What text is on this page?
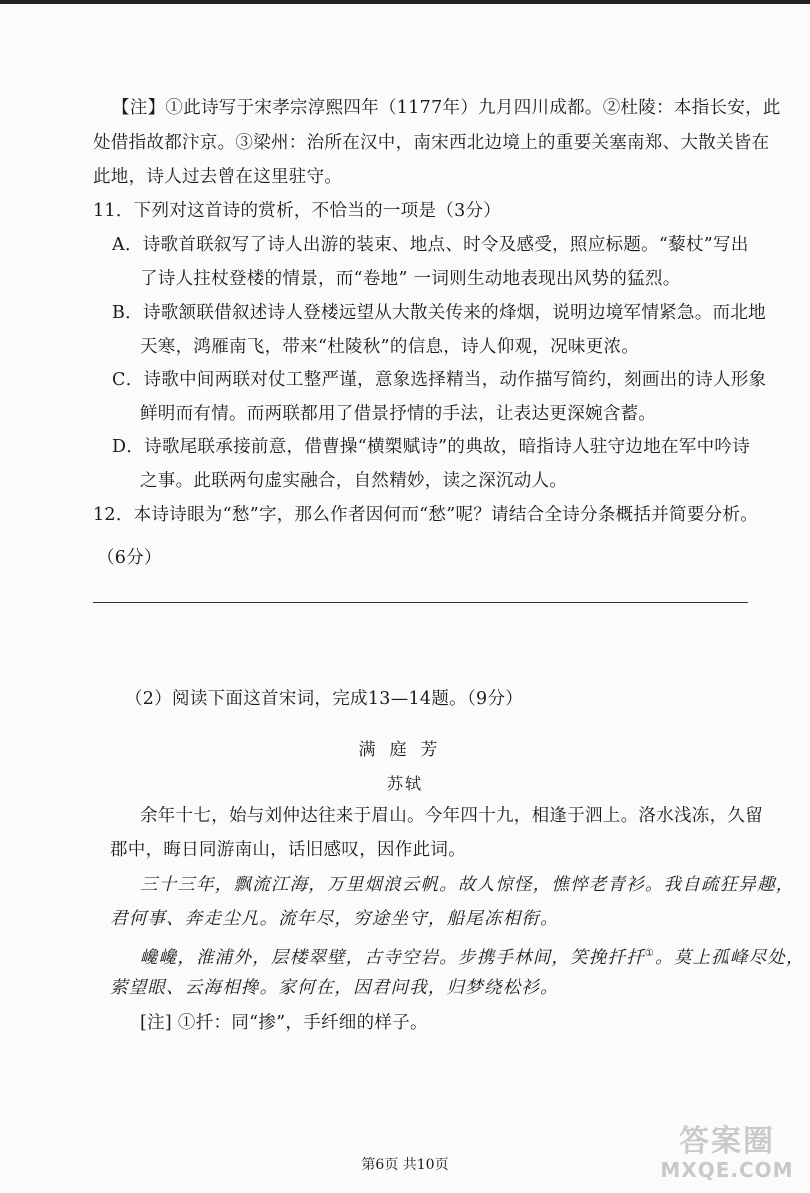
【注】①此诗写于宋孝宗淳熙四年（1177年）九月四川成都。②杜陵：本指长安，此
处借指故都汴京。③梁州：治所在汉中，南宋西北边境上的重要关塞南郑、大散关皆在
此地，诗人过去曾在这里驻守。
11．下列对这首诗的赏析，不恰当的一项是（3分）
A．诗歌首联叙写了诗人出游的装束、地点、时令及感受，照应标题。“藜杖”写出
了诗人拄杖登楼的情景，而“卷地” 一词则生动地表现出风势的猛烈。
B．诗歌颔联借叙述诗人登楼远望从大散关传来的烽烟，说明边境军情紧急。而北地
天寒，鸿雁南飞，带来“杜陵秋”的信息，诗人仰观，况味更浓。
C．诗歌中间两联对仗工整严谨，意象选择精当，动作描写简约，刻画出的诗人形象
鲜明而有情。而两联都用了借景抒情的手法，让表达更深婉含蓄。
D．诗歌尾联承接前意，借曹操“横槊赋诗”的典故，暗指诗人驻守边地在军中吟诗
之事。此联两句虚实融合，自然精妙，读之深沉动人。
12．本诗诗眼为“愁”字，那么作者因何而“愁”呢？请结合全诗分条概括并简要分析。
（6分）
（2）阅读下面这首宋词，完成13—14题。（9分）
满庭芳
苏轼
余年十七，始与刘仲达往来于眉山。今年四十九，相逢于泗上。洛水浅冻，久留
郡中，晦日同游南山，话旧感叹，因作此词。
三十三年，飘流江海，万里烟浪云帆。故人惊怪，憔悴老青衫。我自疏狂异趣，
君何事、奔走尘凡。流年尽，穷途坐守，船尾冻相衔。
巉巉，淮浦外，层楼翠壁，古寺空岩。步携手林间，笑挽扦扦①。莫上孤峰尽处，
萦望眼、云海相搀。家何在，因君问我，归梦绕松衫。
[注] ①扦：同“掺”，手纤细的样子。
第6页 共10页
答案圈
MXQE.COM
